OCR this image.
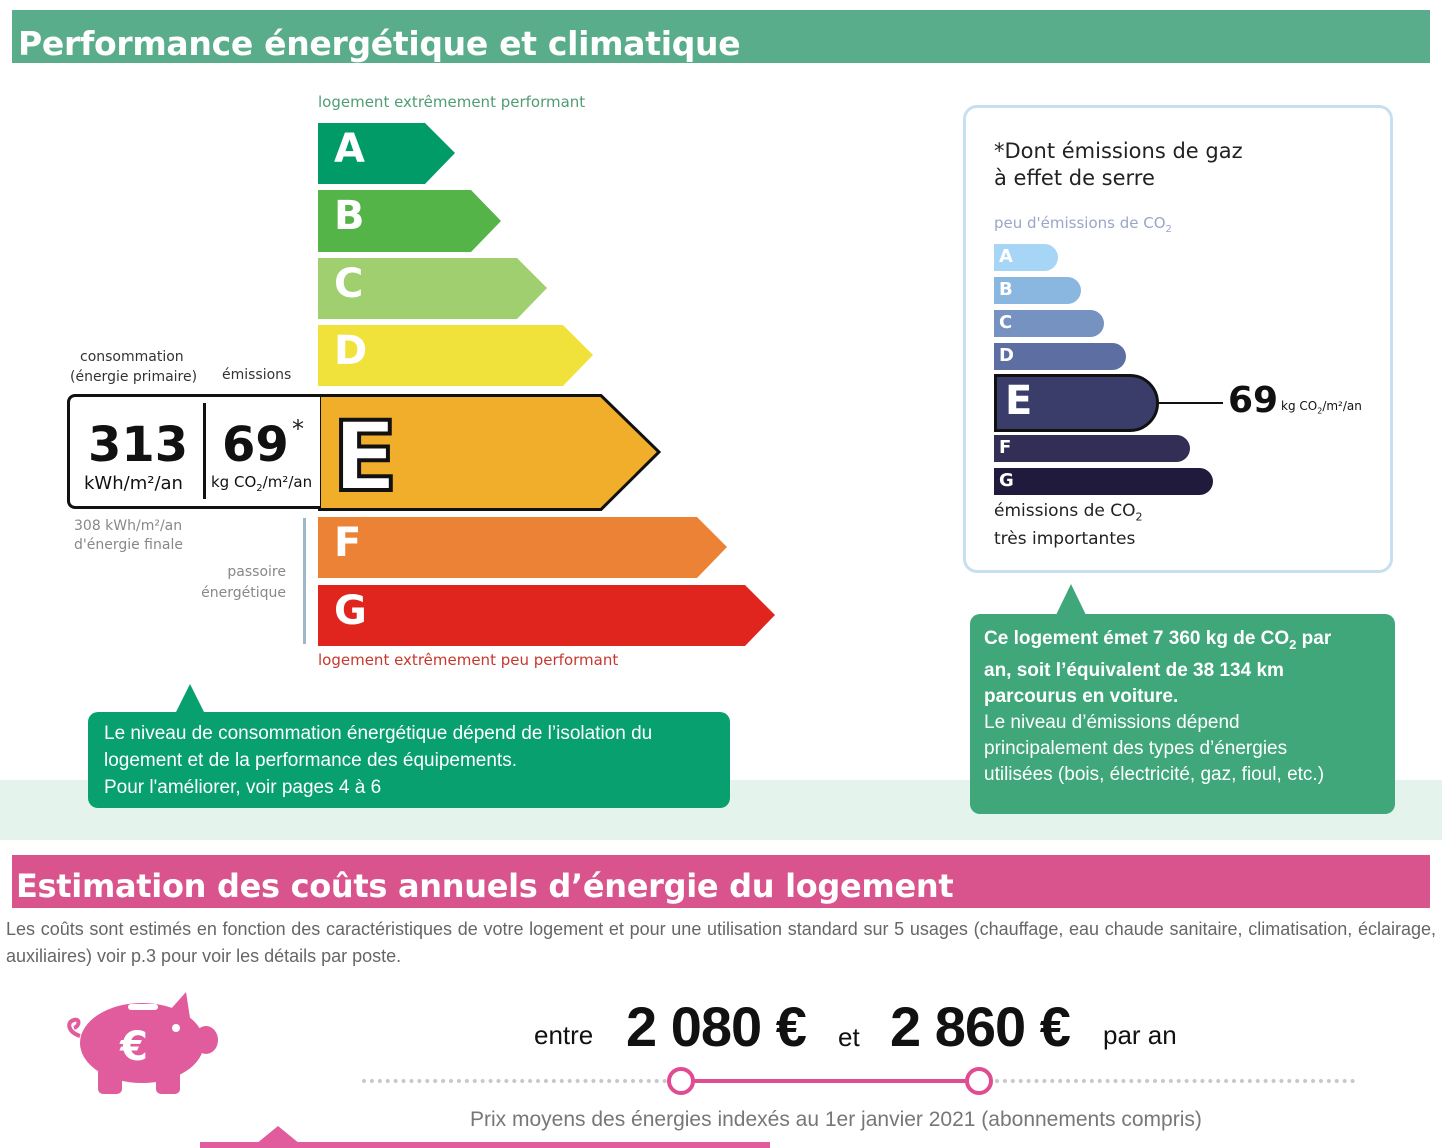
Performance énergétique et climatique
logement extrêmement performant
A
B
C
D
E
F
G
logement extrêmement peu performant
consommation
(énergie primaire) émissions
313
kWh/m²/an
69 *
kg $CO_2/m^2/an$
308 kWh/m²/an
d'énergie finale
passoire
énergétique
Le niveau de consommation énergétique dépend de l’isolation du
logement et de la performance des équipements.
Pour l'améliorer, voir pages 4 à 6
*Dont émissions de gaz
à effet de serre
peu d'émissions de $CO_2$
A
B
C
D
E	69 kg $CO_2/m^2/an$
F
G
émissions de $CO_2$
très importantes
Ce logement émet 7 360 kg de $CO_2$ par
an, soit l’équivalent de 38 134 km
parcourus en voiture.
Le niveau d’émissions dépend
principalement des types d’énergies
utilisées (bois, électricité, gaz, fioul, etc.)
Estimation des coûts annuels d’énergie du logement
Les coûts sont estimés en fonction des caractéristiques de votre logement et pour une utilisation standard sur 5 usages (chauffage, eau chaude sanitaire, climatisation, éclairage, auxiliaires) voir p.3 pour voir les détails par poste.
€	entre 2 080 € et 2 860 € par an
Prix moyens des énergies indexés au 1er janvier 2021 (abonnements compris)
